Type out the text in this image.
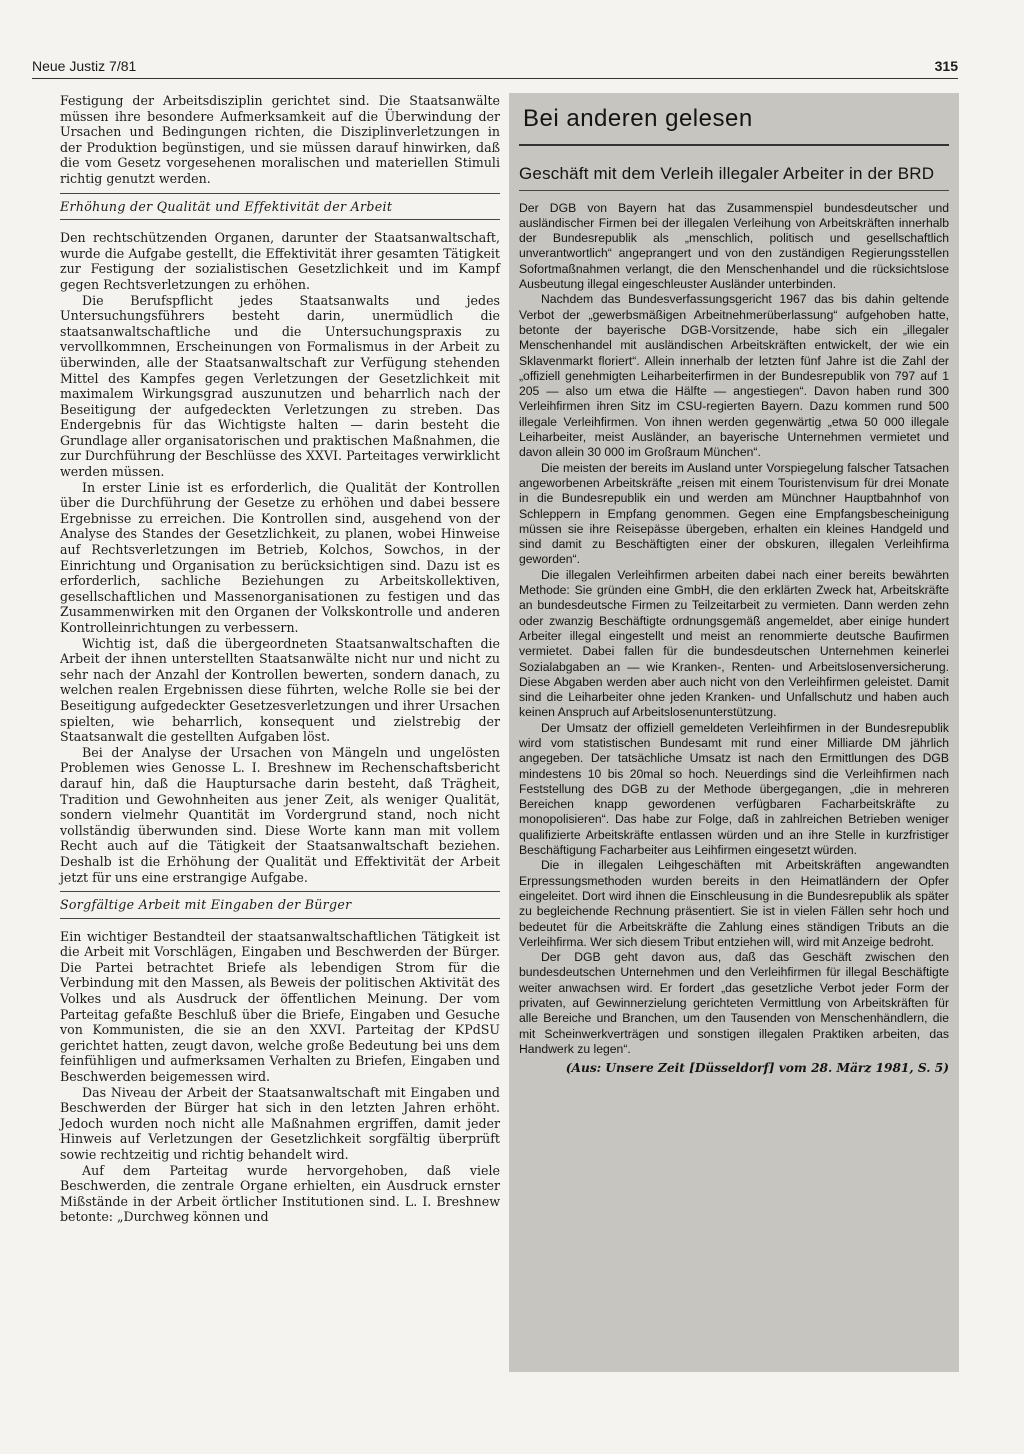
Neue Justiz 7/81	315

Festigung der Arbeitsdisziplin gerichtet sind. Die Staatsanwälte müssen ihre besondere Aufmerksamkeit auf die Überwindung der Ursachen und Bedingungen richten, die Disziplinverletzungen in der Produktion begünstigen, und sie müssen darauf hinwirken, daß die vom Gesetz vorgesehenen moralischen und materiellen Stimuli richtig genutzt werden.

Erhöhung der Qualität und Effektivität der Arbeit

Den rechtschützenden Organen, darunter der Staatsanwaltschaft, wurde die Aufgabe gestellt, die Effektivität ihrer gesamten Tätigkeit zur Festigung der sozialistischen Gesetzlichkeit und im Kampf gegen Rechtsverletzungen zu erhöhen.

Die Berufspflicht jedes Staatsanwalts und jedes Untersuchungsführers besteht darin, unermüdlich die staatsanwaltschaftliche und die Untersuchungspraxis zu vervollkommnen, Erscheinungen von Formalismus in der Arbeit zu überwinden, alle der Staatsanwaltschaft zur Verfügung stehenden Mittel des Kampfes gegen Verletzungen der Gesetzlichkeit mit maximalem Wirkungsgrad auszunutzen und beharrlich nach der Beseitigung der aufgedeckten Verletzungen zu streben. Das Endergebnis für das Wichtigste halten — darin besteht die Grundlage aller organisatorischen und praktischen Maßnahmen, die zur Durchführung der Beschlüsse des XXVI. Parteitages verwirklicht werden müssen.

In erster Linie ist es erforderlich, die Qualität der Kontrollen über die Durchführung der Gesetze zu erhöhen und dabei bessere Ergebnisse zu erreichen. Die Kontrollen sind, ausgehend von der Analyse des Standes der Gesetzlichkeit, zu planen, wobei Hinweise auf Rechtsverletzungen im Betrieb, Kolchos, Sowchos, in der Einrichtung und Organisation zu berücksichtigen sind. Dazu ist es erforderlich, sachliche Beziehungen zu Arbeitskollektiven, gesellschaftlichen und Massenorganisationen zu festigen und das Zusammenwirken mit den Organen der Volkskontrolle und anderen Kontrolleinrichtungen zu verbessern.

Wichtig ist, daß die übergeordneten Staatsanwaltschaften die Arbeit der ihnen unterstellten Staatsanwälte nicht nur und nicht zu sehr nach der Anzahl der Kontrollen bewerten, sondern danach, zu welchen realen Ergebnissen diese führten, welche Rolle sie bei der Beseitigung aufgedeckter Gesetzesverletzungen und ihrer Ursachen spielten, wie beharrlich, konsequent und zielstrebig der Staatsanwalt die gestellten Aufgaben löst.

Bei der Analyse der Ursachen von Mängeln und ungelösten Problemen wies Genosse L. I. Breshnew im Rechenschaftsbericht darauf hin, daß die Hauptursache darin besteht, daß Trägheit, Tradition und Gewohnheiten aus jener Zeit, als weniger Qualität, sondern vielmehr Quantität im Vordergrund stand, noch nicht vollständig überwunden sind. Diese Worte kann man mit vollem Recht auch auf die Tätigkeit der Staatsanwaltschaft beziehen. Deshalb ist die Erhöhung der Qualität und Effektivität der Arbeit jetzt für uns eine erstrangige Aufgabe.

Sorgfältige Arbeit mit Eingaben der Bürger

Ein wichtiger Bestandteil der staatsanwaltschaftlichen Tätigkeit ist die Arbeit mit Vorschlägen, Eingaben und Beschwerden der Bürger. Die Partei betrachtet Briefe als lebendigen Strom für die Verbindung mit den Massen, als Beweis der politischen Aktivität des Volkes und als Ausdruck der öffentlichen Meinung. Der vom Parteitag gefaßte Beschluß über die Briefe, Eingaben und Gesuche von Kommunisten, die sie an den XXVI. Parteitag der KPdSU gerichtet hatten, zeugt davon, welche große Bedeutung bei uns dem feinfühligen und aufmerksamen Verhalten zu Briefen, Eingaben und Beschwerden beigemessen wird.

Das Niveau der Arbeit der Staatsanwaltschaft mit Eingaben und Beschwerden der Bürger hat sich in den letzten Jahren erhöht. Jedoch wurden noch nicht alle Maßnahmen ergriffen, damit jeder Hinweis auf Verletzungen der Gesetzlichkeit sorgfältig überprüft sowie rechtzeitig und richtig behandelt wird.

Auf dem Parteitag wurde hervorgehoben, daß viele Beschwerden, die zentrale Organe erhielten, ein Ausdruck ernster Mißstände in der Arbeit örtlicher Institutionen sind. L. I. Breshnew betonte: „Durchweg können und

Bei anderen gelesen
Geschäft mit dem Verleih illegaler Arbeiter in der BRD

Der DGB von Bayern hat das Zusammenspiel bundesdeutscher und ausländischer Firmen bei der illegalen Verleihung von Arbeitskräften innerhalb der Bundesrepublik als „menschlich, politisch und gesellschaftlich unverantwortlich“ angeprangert und von den zuständigen Regierungsstellen Sofortmaßnahmen verlangt, die den Menschenhandel und die rücksichtslose Ausbeutung illegal eingeschleuster Ausländer unterbinden.

Nachdem das Bundesverfassungsgericht 1967 das bis dahin geltende Verbot der „gewerbsmäßigen Arbeitnehmerüberlassung“ aufgehoben hatte, betonte der bayerische DGB-Vorsitzende, habe sich ein „illegaler Menschenhandel mit ausländischen Arbeitskräften entwickelt, der wie ein Sklavenmarkt floriert“. Allein innerhalb der letzten fünf Jahre ist die Zahl der „offiziell genehmigten Leiharbeiterfirmen in der Bundesrepublik von 797 auf 1 205 — also um etwa die Hälfte — angestiegen“. Davon haben rund 300 Verleihfirmen ihren Sitz im CSU-regierten Bayern. Dazu kommen rund 500 illegale Verleihfirmen. Von ihnen werden gegenwärtig „etwa 50 000 illegale Leiharbeiter, meist Ausländer, an bayerische Unternehmen vermietet und davon allein 30 000 im Großraum München“.

Die meisten der bereits im Ausland unter Vorspiegelung falscher Tatsachen angeworbenen Arbeitskräfte „reisen mit einem Touristenvisum für drei Monate in die Bundesrepublik ein und werden am Münchner Hauptbahnhof von Schleppern in Empfang genommen. Gegen eine Empfangsbescheinigung müssen sie ihre Reisepässe übergeben, erhalten ein kleines Handgeld und sind damit zu Beschäftigten einer der obskuren, illegalen Verleihfirma geworden“.

Die illegalen Verleihfirmen arbeiten dabei nach einer bereits bewährten Methode: Sie gründen eine GmbH, die den erklärten Zweck hat, Arbeitskräfte an bundesdeutsche Firmen zu Teilzeitarbeit zu vermieten. Dann werden zehn oder zwanzig Beschäftigte ordnungsgemäß angemeldet, aber einige hundert Arbeiter illegal eingestellt und meist an renommierte deutsche Baufirmen vermietet. Dabei fallen für die bundesdeutschen Unternehmen keinerlei Sozialabgaben an — wie Kranken-, Renten- und Arbeitslosenversicherung. Diese Abgaben werden aber auch nicht von den Verleihfirmen geleistet. Damit sind die Leiharbeiter ohne jeden Kranken- und Unfallschutz und haben auch keinen Anspruch auf Arbeitslosenunterstützung.

Der Umsatz der offiziell gemeldeten Verleihfirmen in der Bundesrepublik wird vom statistischen Bundesamt mit rund einer Milliarde DM jährlich angegeben. Der tatsächliche Umsatz ist nach den Ermittlungen des DGB mindestens 10 bis 20mal so hoch. Neuerdings sind die Verleihfirmen nach Feststellung des DGB zu der Methode übergegangen, „die in mehreren Bereichen knapp gewordenen verfügbaren Facharbeitskräfte zu monopolisieren“. Das habe zur Folge, daß in zahlreichen Betrieben weniger qualifizierte Arbeitskräfte entlassen würden und an ihre Stelle in kurzfristiger Beschäftigung Facharbeiter aus Leihfirmen eingesetzt würden.

Die in illegalen Leihgeschäften mit Arbeitskräften angewandten Erpressungsmethoden wurden bereits in den Heimatländern der Opfer eingeleitet. Dort wird ihnen die Einschleusung in die Bundesrepublik als später zu begleichende Rechnung präsentiert. Sie ist in vielen Fällen sehr hoch und bedeutet für die Arbeitskräfte die Zahlung eines ständigen Tributs an die Verleihfirma. Wer sich diesem Tribut entziehen will, wird mit Anzeige bedroht.

Der DGB geht davon aus, daß das Geschäft zwischen den bundesdeutschen Unternehmen und den Verleihfirmen für illegal Beschäftigte weiter anwachsen wird. Er fordert „das gesetzliche Verbot jeder Form der privaten, auf Gewinnerzielung gerichteten Vermittlung von Arbeitskräften für alle Bereiche und Branchen, um den Tausenden von Menschenhändlern, die mit Scheinwerkverträgen und sonstigen illegalen Praktiken arbeiten, das Handwerk zu legen“.

(Aus: Unsere Zeit [Düsseldorf] vom 28. März 1981, S. 5)
